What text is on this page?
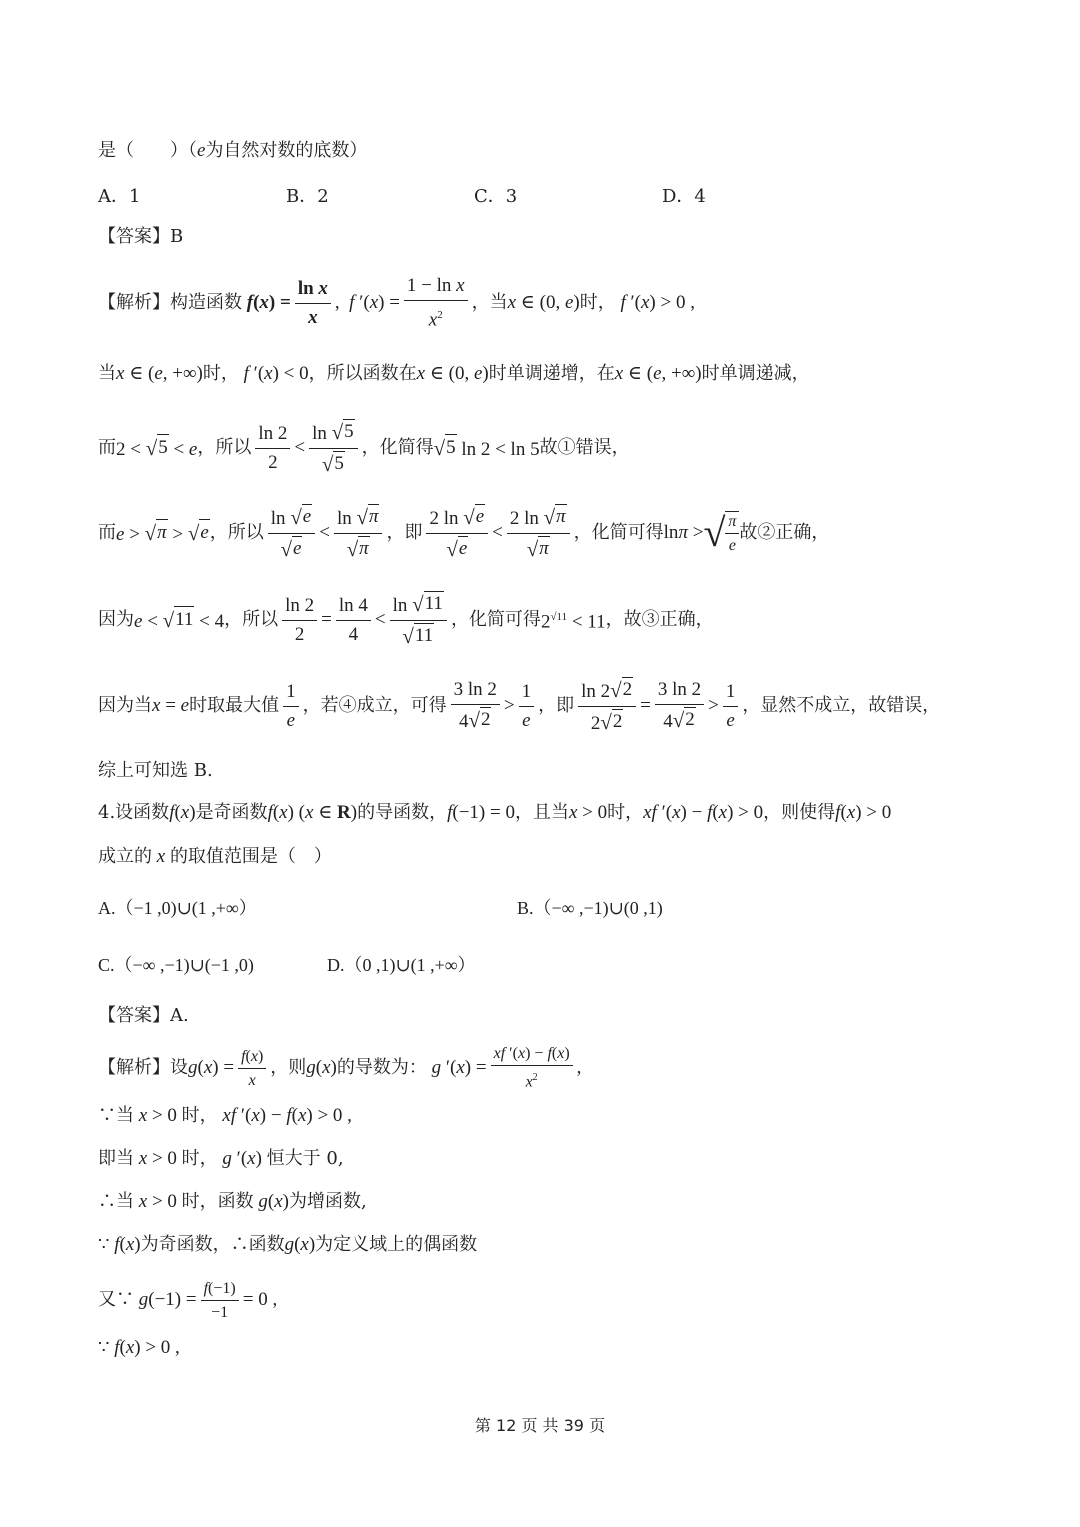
是（　　）（ e 为自然对数的底数）
A．1	B．2	C．3	D．4
【答案】B
【解析】 构造函数 $f(x) = \frac{\text{ln x}}{x}$ ,  f $'(x) = \frac{\text{1 − ln x}}{x^2}$ ，当 x ∈ (0, e) 时， f ′(x) > 0 ,
当 x ∈ (e, +∞) 时， f ′(x) < 0 ，所以函数在 x ∈ (0, e) 时单调递增，在 x ∈ (e, +∞) 时单调递减，
而 2 < √ 5 < e ，所以 $\frac{\ln 2}{2} < \frac{\ln √ 5}{√ 5}$ ，化简得 √ 5 ln 2 < ln 5 故①错误，
而 e > √ π > √ e ，所以 $\frac{\ln √ e}{√ e} < \frac{\ln √ \pi}{√ \pi}$ ，即 $\frac{2 \ln √ e}{√ e} < \frac{2 \ln √ \pi}{√ \pi}$ ，化简可得 lnπ > √ $\frac{\pi}{e}$ 故②正确，
因为 e < √ 11 < 4 ，所以 $\frac{\ln 2}{2} = \frac{\ln 4}{4} < \frac{\ln √ 11}{√ 11}$ ，化简可得 $2^{√11} < 11$ ，故③正确，
因为当 x = e 时取最大值 $\frac{1}{e}$ ，若④成立，可得 $\frac{3 \ln 2}{4 √ 2} > \frac{1}{e}$ ，即 $\frac{\ln 2 √ 2}{2 √ 2} = \frac{3 \ln 2}{4 √ 2} > \frac{1}{e}$ ，显然不成立，故错误，
综上可知选 B.
4.设函数 f(x) 是奇函数 f(x) (x ∈ R) 的导函数， f(−1) = 0 ，且当 x > 0 时， xf ′(x) − f(x) > 0 ，则使得 f(x) > 0
成立的 x 的取值范围是（　）
A.（−1 ,0)∪(1 ,+∞）	B.（−∞ ,−1)∪(0 ,1)
C.（−∞ ,−1)∪(−1 ,0)	D.（0 ,1)∪(1 ,+∞）
【答案】A.
【解析】 设 $g(x) = \frac{f(x)}{x}$ ，则 g(x) 的导数为： g $'(x) = \frac{xf '(x) - f(x)}{x^2}$ ,
∵当 x > 0 时， xf ′(x) − f(x) > 0 ,
即当 x > 0 时， g ′(x) 恒大于 0,
∴当 x > 0 时，函数 g(x) 为增函数,
∵ f(x) 为奇函数，∴函数 g(x) 为定义域上的偶函数
又∵ $g(-1) = \frac{f(-1)}{-1} = 0$ ,
∵ f(x) > 0 ,
第 12 页 共 39 页
